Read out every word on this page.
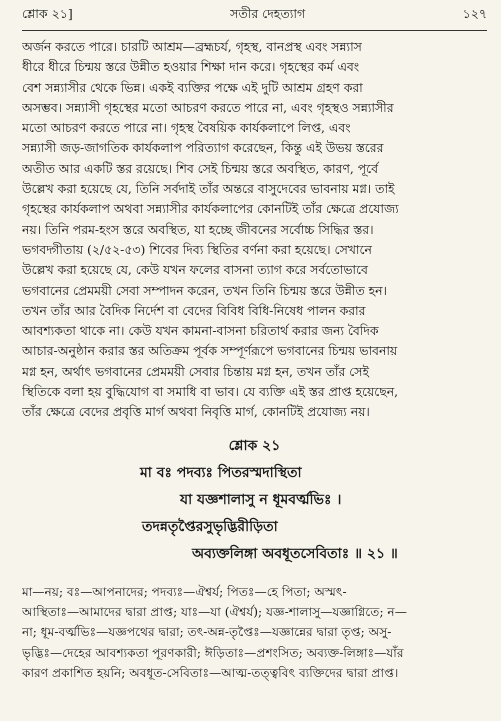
শ্লোক ২১]	সতীর দেহত্যাগ	১২৭

অর্জন করতে পারে। চারটি আশ্রম—ব্রহ্মচর্য, গৃহস্থ, বানপ্রস্থ এবং সন্ন্যাস

ধীরে ধীরে চিন্ময় স্তরে উন্নীত হওয়ার শিক্ষা দান করে। গৃহস্থের কর্ম এবং

বেশ সন্ন্যাসীর থেকে ভিন্ন। একই ব্যক্তির পক্ষে এই দুটি আশ্রম গ্রহণ করা

অসম্ভব। সন্ন্যাসী গৃহস্থের মতো আচরণ করতে পারে না, এবং গৃহস্থও সন্ন্যাসীর

মতো আচরণ করতে পারে না। গৃহস্থ বৈষয়িক কার্যকলাপে লিপ্ত, এবং

সন্ন্যাসী জড়-জাগতিক কার্যকলাপ পরিত্যাগ করেছেন, কিন্তু এই উভয় স্তরের

অতীত আর একটি স্তর রয়েছে। শিব সেই চিন্ময় স্তরে অবস্থিত, কারণ, পূর্বে

উল্লেখ করা হয়েছে যে, তিনি সর্বদাই তাঁর অন্তরে বাসুদেবের ভাবনায় মগ্ন। তাই

গৃহস্থের কার্যকলাপ অথবা সন্ন্যাসীর কার্যকলাপের কোনটিই তাঁর ক্ষেত্রে প্রযোজ্য

নয়। তিনি পরম-হংস স্তরে অবস্থিত, যা হচ্ছে জীবনের সর্বোচ্চ সিদ্ধির স্তর।

ভগবদ্গীতায় (২/৫২-৫৩) শিবের দিব্য স্থিতির বর্ণনা করা হয়েছে। সেখানে

উল্লেখ করা হয়েছে যে, কেউ যখন ফলের বাসনা ত্যাগ করে সর্বতোভাবে

ভগবানের প্রেমময়ী সেবা সম্পাদন করেন, তখন তিনি চিন্ময় স্তরে উন্নীত হন।

তখন তাঁর আর বৈদিক নির্দেশ বা বেদের বিবিধ বিধি-নিষেধ পালন করার

আবশ্যকতা থাকে না। কেউ যখন কামনা-বাসনা চরিতার্থ করার জন্য বৈদিক

আচার-অনুষ্ঠান করার স্তর অতিক্রম পূর্বক সম্পূর্ণরূপে ভগবানের চিন্ময় ভাবনায়

মগ্ন হন, অর্থাৎ ভগবানের প্রেমময়ী সেবার চিন্তায় মগ্ন হন, তখন তাঁর সেই

স্থিতিকে বলা হয় বুদ্ধিযোগ বা সমাধি বা ভাব। যে ব্যক্তি এই স্তর প্রাপ্ত হয়েছেন,

তাঁর ক্ষেত্রে বেদের প্রবৃত্তি মার্গ অথবা নিবৃত্তি মার্গ, কোনটিই প্রযোজ্য নয়।

শ্লোক ২১
মা বঃ পদব্যঃ পিতরস্মদাস্থিতা
যা যজ্ঞশালাসু ন ধূমবর্ত্মভিঃ ।
তদন্নতৃপ্তৈরসুভৃদ্ভিরীড়িতা
অব্যক্তলিঙ্গা অবধূতসেবিতাঃ ॥ ২১ ॥

মা—নয়; বঃ—আপনাদের; পদব্যঃ—ঐশ্বর্য; পিতঃ—হে পিতা; অস্মৎ-

আস্থিতাঃ—আমাদের দ্বারা প্রাপ্ত; যাঃ—যা (ঐশ্বর্য); যজ্ঞ-শালাসু—যজ্ঞাগ্নিতে; ন—

না; ধূম-বর্ত্মভিঃ—যজ্ঞপথের দ্বারা; তৎ-অন্ন-তৃপ্তৈঃ—যজ্ঞান্নের দ্বারা তৃপ্ত; অসু-

ভৃদ্ভিঃ—দেহের আবশ্যকতা পূরণকারী; ঈড়িতাঃ—প্রশংসিত; অব্যক্ত-লিঙ্গাঃ—যাঁর

কারণ প্রকাশিত হয়নি; অবধূত-সেবিতাঃ—আত্ম-তত্ত্ববিৎ ব্যক্তিদের দ্বারা প্রাপ্ত।
